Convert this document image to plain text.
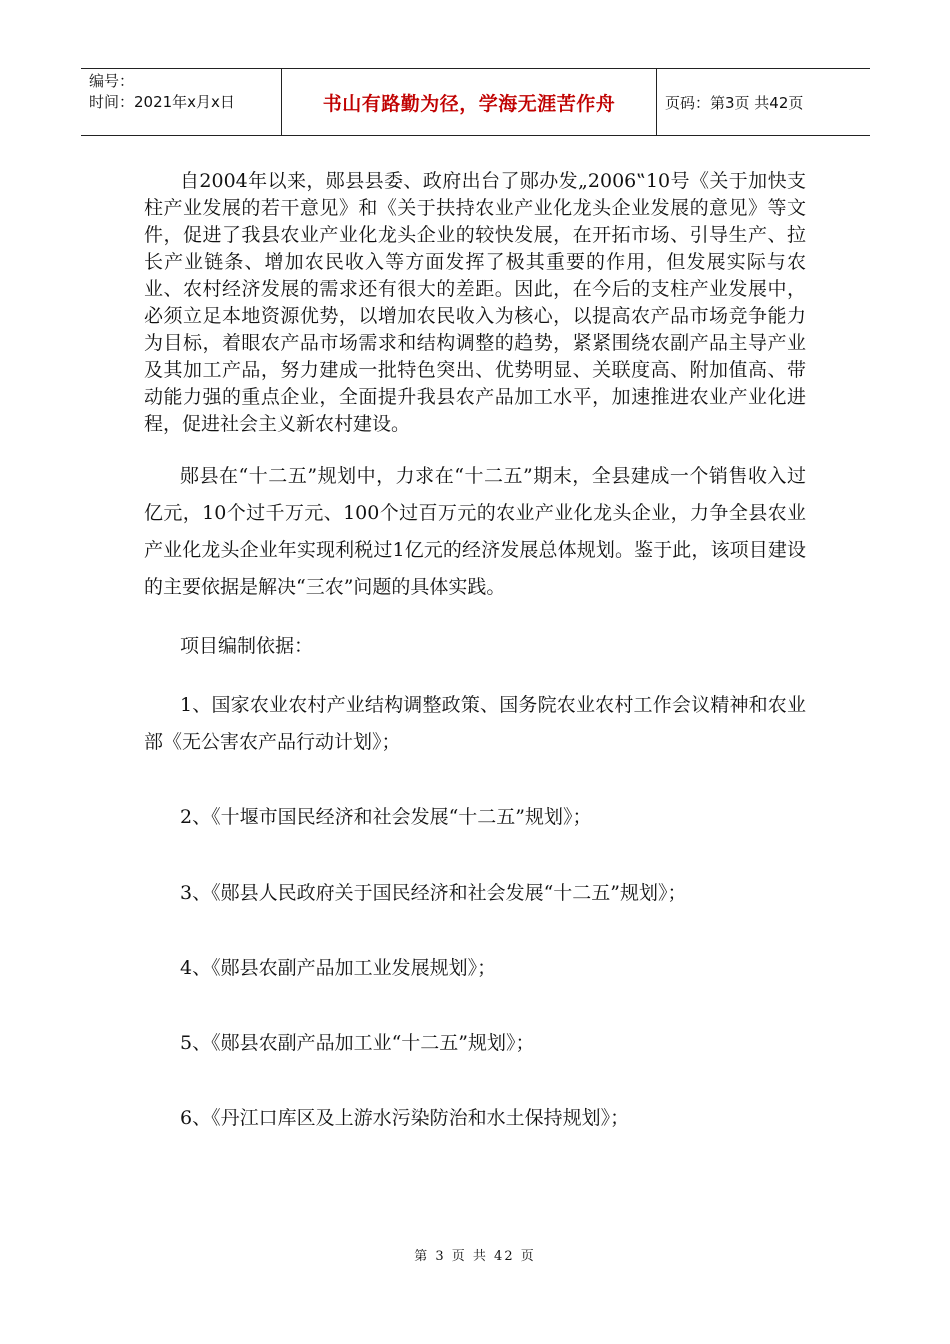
编号：
时间：2021年x月x日	书山有路勤为径，学海无涯苦作舟	页码：第3页 共42页

自2004年以来，郧县县委、政府出台了郧办发„2006‟10号《关于加快支柱产业发展的若干意见》和《关于扶持农业产业化龙头企业发展的意见》等文件，促进了我县农业产业化龙头企业的较快发展，在开拓市场、引导生产、拉长产业链条、增加农民收入等方面发挥了极其重要的作用，但发展实际与农业、农村经济发展的需求还有很大的差距。因此，在今后的支柱产业发展中，必须立足本地资源优势，以增加农民收入为核心，以提高农产品市场竞争能力为目标，着眼农产品市场需求和结构调整的趋势，紧紧围绕农副产品主导产业及其加工产品，努力建成一批特色突出、优势明显、关联度高、附加值高、带动能力强的重点企业，全面提升我县农产品加工水平，加速推进农业产业化进程，促进社会主义新农村建设。

郧县在“十二五”规划中，力求在“十二五”期末，全县建成一个销售收入过亿元，10个过千万元、100个过百万元的农业产业化龙头企业，力争全县农业产业化龙头企业年实现利税过1亿元的经济发展总体规划。鉴于此，该项目建设的主要依据是解决“三农”问题的具体实践。

项目编制依据：

1、国家农业农村产业结构调整政策、国务院农业农村工作会议精神和农业部《无公害农产品行动计划》；

2、《十堰市国民经济和社会发展“十二五”规划》；

3、《郧县人民政府关于国民经济和社会发展“十二五”规划》；

4、《郧县农副产品加工业发展规划》；

5、《郧县农副产品加工业“十二五”规划》；

6、《丹江口库区及上游水污染防治和水土保持规划》；

第 3 页 共 42 页
